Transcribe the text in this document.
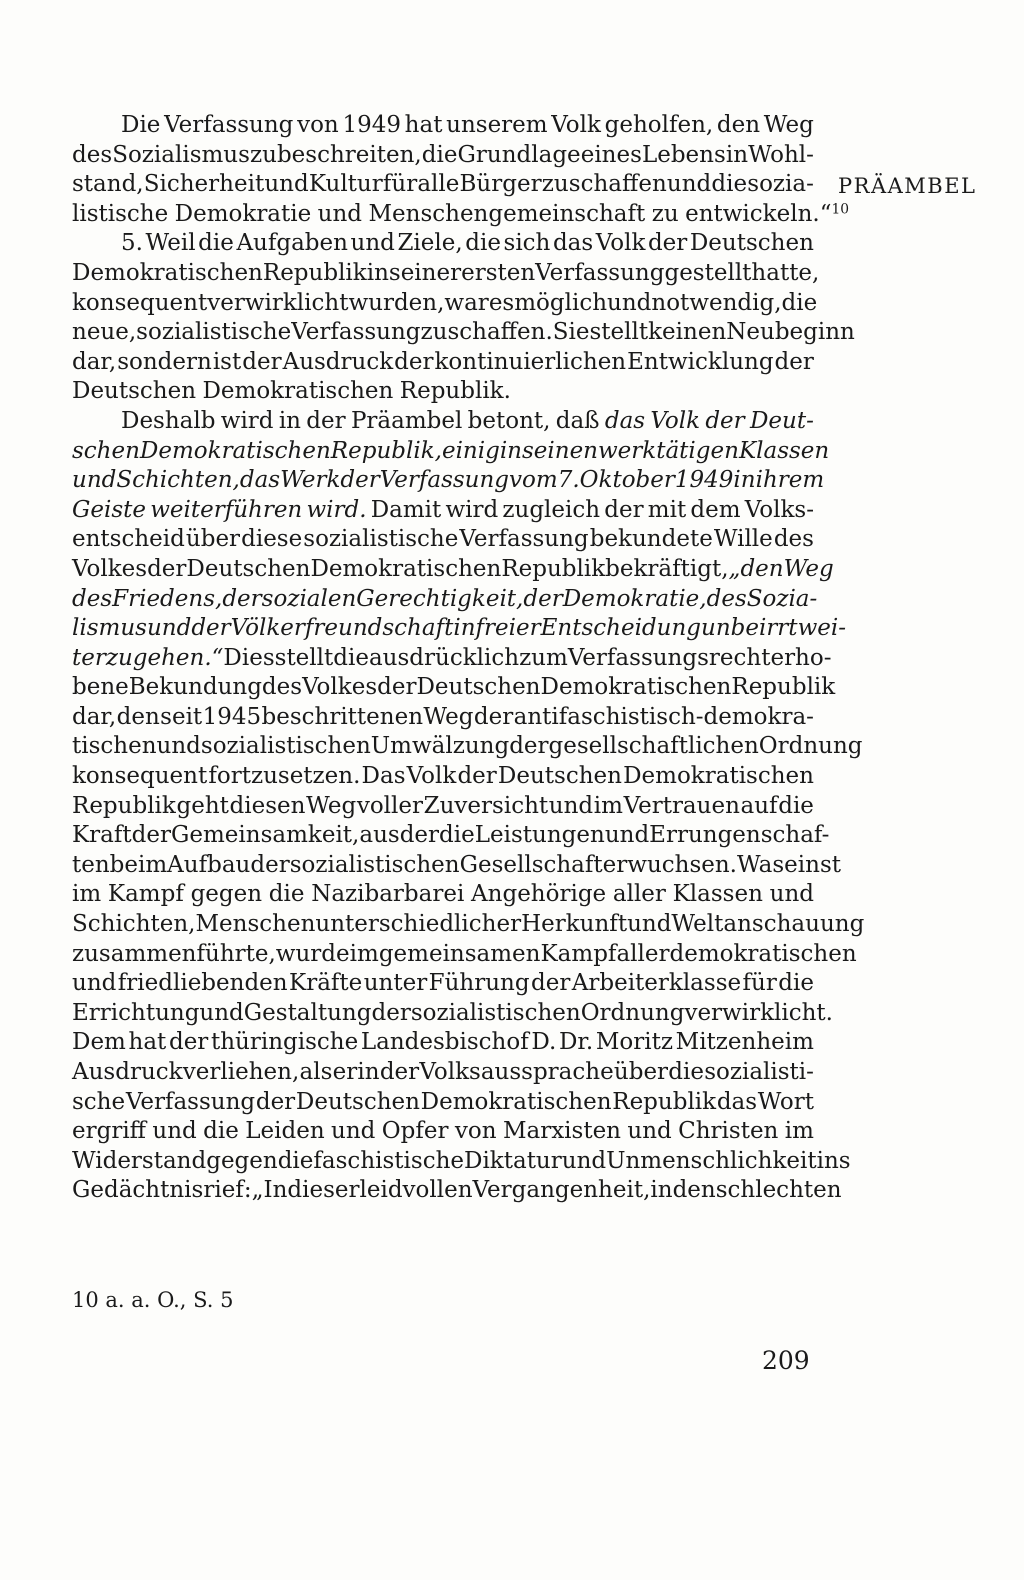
PRÄAMBEL
Die Verfassung von 1949 hat unserem Volk geholfen, den Weg
des Sozialismus zu beschreiten, die Grundlage eines Lebens in Wohl-
stand, Sicherheit und Kultur für alle Bürger zu schaffen und die sozia-
listische Demokratie und Menschengemeinschaft zu entwickeln.“$^{10}$
5. Weil die Aufgaben und Ziele, die sich das Volk der Deutschen
Demokratischen Republik in seiner ersten Verfassung gestellt hatte,
konsequent verwirklicht wurden, war es möglich und notwendig, die
neue, sozialistische Verfassung zu schaffen. Sie stellt keinen Neubeginn
dar, sondern ist der Ausdruck der kontinuierlichen Entwicklung der
Deutschen Demokratischen Republik.
Deshalb wird in der Präambel betont, daß das Volk der Deut-
schen Demokratischen Republik, einig in seinen werktätigen Klassen
und Schichten, das Werk der Verfassung vom 7. Oktober 1949 in ihrem
Geiste weiterführen wird. Damit wird zugleich der mit dem Volks-
entscheid über diese sozialistische Verfassung bekundete Wille des
Volkes der Deutschen Demokratischen Republik bekräftigt, „den Weg
des Friedens, der sozialen Gerechtigkeit, der Demokratie, des Sozia-
lismus und der Völkerfreundschaft in freier Entscheidung unbeirrt wei-
terzugehen.“ Dies stellt die ausdrücklich zum Verfassungsrecht erho-
bene Bekundung des Volkes der Deutschen Demokratischen Republik
dar, den seit 1945 beschrittenen Weg der antifaschistisch-demokra-
tischen und sozialistischen Umwälzung der gesellschaftlichen Ordnung
konsequent fortzusetzen. Das Volk der Deutschen Demokratischen
Republik geht diesen Weg voller Zuversicht und im Vertrauen auf die
Kraft der Gemeinsamkeit, aus der die Leistungen und Errungenschaf-
ten beim Aufbau der sozialistischen Gesellschaft erwuchsen. Was einst
im Kampf gegen die Nazibarbarei Angehörige aller Klassen und
Schichten, Menschen unterschiedlicher Herkunft und Weltanschauung
zusammenführte, wurde im gemeinsamen Kampf aller demokratischen
und friedliebenden Kräfte unter Führung der Arbeiterklasse für die
Errichtung und Gestaltung der sozialistischen Ordnung verwirklicht.
Dem hat der thüringische Landesbischof D. Dr. Moritz Mitzenheim
Ausdruck verliehen, als er in der Volksaussprache über die sozialisti-
sche Verfassung der Deutschen Demokratischen Republik das Wort
ergriff und die Leiden und Opfer von Marxisten und Christen im
Widerstand gegen die faschistische Diktatur und Unmenschlichkeit ins
Gedächtnis rief: „In dieser leidvollen Vergangenheit, in den schlechten
10 a. a. O., S. 5
209
